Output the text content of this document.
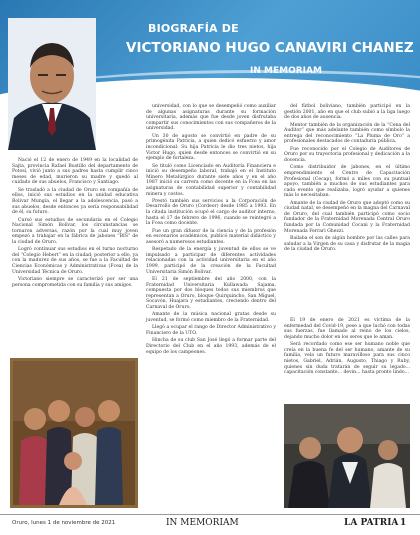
BIOGRAFÍA DE
VICTORIANO HUGO CANAVIRI CHANEZ
IN MEMORIAM
1949 - 2021

Nació el 12 de enero de 1949 en la localidad de Sajta, provincia Rafael Bustillo del departamento de Potosí, vivió junto a sus padres hasta cumplir cinco meses de edad, murieron su madre y quedó al cuidado de sus abuelos, Francisco y Santiago.

Se trasladó a la ciudad de Oruro en compañía de ellos, inició sus estudios en la unidad educativa Bolivar Mungía, el llegar a la adolescencia, pasó a sus abuelos, desde entonces ya sería responsabilidad de él, su futuro.

Cursó sus estudios de secundaria en el Colegio Nacional Simón Bolívar, los circunstancias se tornaron adversas, razón por la cual muy joven empezó a trabajar en la fábrica de jabones “BIS” de la ciudad de Oruro.

Logró continuar sus estudios en el turno nocturno del “Colegio Hebert” en la ciudad; posterior a ello, ya con la madurez de sus años, se fue a la Facultad de Ciencias Económicas y Administrativas (Fcea) de la Universidad Técnica de Oruro.

Victoriano siempre se caracterizó por ser una persona comprometida con su familia y sus amigos.

universidad, con lo que se desempeñó como auxiliar de algunas asignaturas durante su formación universitaria, además que fue desde joven disfrutaba compartir sus conocimientos con sus compañeros de la universidad.

Un 30 de agosto se convirtió en padre de su primogénita Patricia, a quien dedicó esfuerzo y amor incondicional. Su hija Patricia le dio tres nietos, hija Victor Hugo, quien desde entonces se convirtió en su ejemplo de fortaleza.

Se tituló como Licenciado en Auditoría Financiera e inició su desempeño laboral, trabajó en el Instituto Minero Metalúrgico durante siete años y en el año 1987 inició su carrera como docente en la Fcea en las asignaturas de contabilidad superior y contabilidad minera y costos.

Prestó también sus servicios a la Corporación de Desarrollo de Oruro (Cordeor) desde 1985 a 1993. En la citada institución ocupó el cargo de auditor interno, hasta el 17 de febrero de 1996, cuando se reintegró a la Fcea como docente.

Fue un gran difusor de la ciencia y de la profesión en escenarios académicos, publicó material didáctico y asesoró a numerosos estudiantes.

Respetado de la energía y juventud de ellos se ve impulsado a participar de diferentes actividades relacionadas con la actividad universitaria en el año 1999, participó de la creación de la Facultad Universitaria Simón Bolívar.

El 21 de septiembre del año 2000, con la Fraternidad Universitaria Kullawada Sajama, compuesta por dos bloques todos sus miembros que representan a Oruro, bloque Quirquincho, San Miguel, Socavón, Huajara y estudiantes, creciendo dentro del Carnaval de Oruro.

Amante de la música nacional gratas desde su juventud, se formó como miembro de la Fraternidad.

Llegó a ocupar el rango de Director Administrativo y Financiero de la UTO.

Hincha de su club San José llegó a formar parte del Directorio del Club en el año 1993, además de el equipo de los campeones.

del fútbol boliviano, también participó en la gestión 2001, año en que el club subió a la liga luego de dos años de ausencia.

Mentor también de la organización de la “Cena del Auditor” que más adelante también como símbolo la entrega del reconocimiento “La Pluma de Oro” a profesionales destacados de contaduría pública.

Fue reconocido por el Colegio de Auditores de Oruro por su trayectoria profesional y dedicación a la docencia.

Como distribuidor de jabones, en el último emprendimiento el Centro de Capacitación Profesional (Cecap), formó a miles con su puntual apoyo, también a muchos de sus estudiantes para cada evento que realizaba, logró ayudar a quienes más lo necesitaban.

Amante de la ciudad de Oruro que adoptó como su ciudad natal, se desempeñó en la magna del Carnaval de Oruro, del cual también participó como socio fundador de la Fraternidad Morenada Central Oruro fundada por la Comunidad Cocani y la Fraternidad Morenada Ferrari Ghezzi.

Bailaba el son de algún hombre por las calles para saludar a la Virgen de su casa y disfrutar de la magia de la ciudad de Oruro.

El 19 de enero de 2021 es víctima de la enfermedad del Covid-19, pese a que luchó con todas sus fuerzas, fue llamado al reino de los cielos, dejando mucho dolor en los seres que le aman.

Será recordado como ese ser humano noble que creía en la buena fe del ser humano, amante de su familia, vela un futuro maravilloso para sus cinco nietos, Gabriel, Adrián, Augusto, Thiago y Ruby, quienes sin duda tratarán de seguir su legado... capacitación constante... devin... hasta pronto lindo...

Oruro, lunes 1 de noviembre de 2021	IN MEMORIAM	LA PATRIA 1
